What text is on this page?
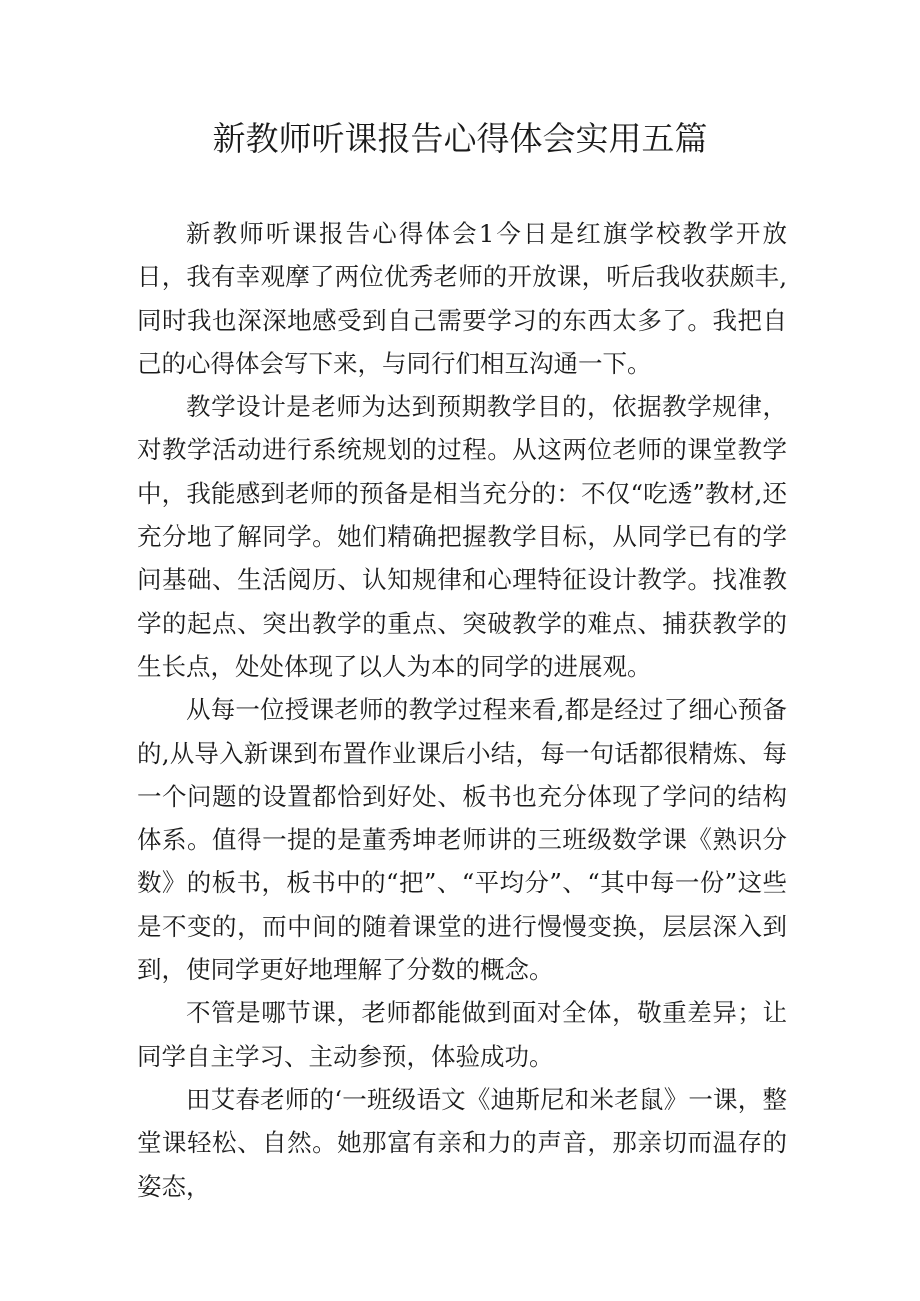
新教师听课报告心得体会实用五篇

新教师听课报告心得体会1今日是红旗学校教学开放日，我有幸观摩了两位优秀老师的开放课，听后我收获颇丰,同时我也深深地感受到自己需要学习的东西太多了。我把自己的心得体会写下来，与同行们相互沟通一下。

教学设计是老师为达到预期教学目的，依据教学规律，对教学活动进行系统规划的过程。从这两位老师的课堂教学中，我能感到老师的预备是相当充分的：不仅“吃透”教材,还充分地了解同学。她们精确把握教学目标，从同学已有的学问基础、生活阅历、认知规律和心理特征设计教学。找准教学的起点、突出教学的重点、突破教学的难点、捕获教学的生长点，处处体现了以人为本的同学的进展观。

从每一位授课老师的教学过程来看,都是经过了细心预备的,从导入新课到布置作业课后小结，每一句话都很精炼、每一个问题的设置都恰到好处、板书也充分体现了学问的结构体系。值得一提的是董秀坤老师讲的三班级数学课《熟识分数》的板书，板书中的“把”、“平均分”、“其中每一份”这些是不变的，而中间的随着课堂的进行慢慢变换，层层深入到到，使同学更好地理解了分数的概念。

不管是哪节课，老师都能做到面对全体，敬重差异；让同学自主学习、主动参预，体验成功。

田艾春老师的‘一班级语文《迪斯尼和米老鼠》一课，整堂课轻松、自然。她那富有亲和力的声音，那亲切而温存的姿态，
